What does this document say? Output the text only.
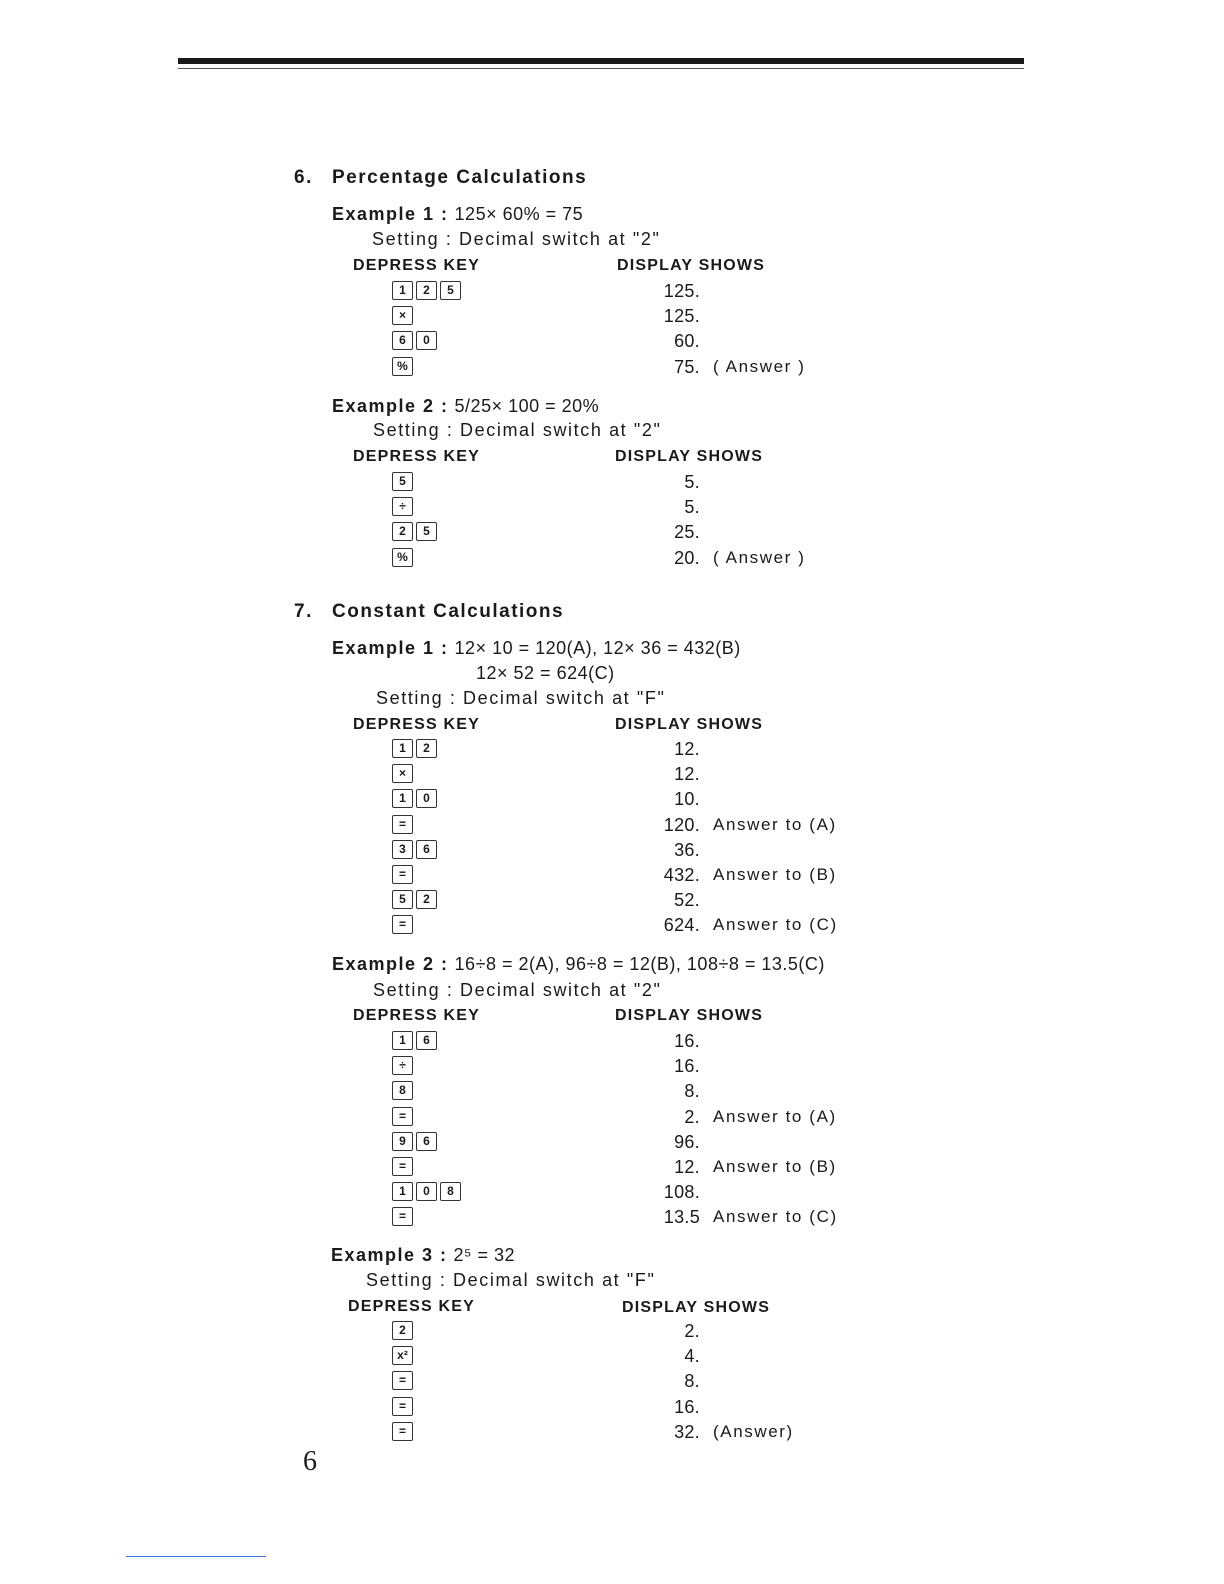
6. Percentage Calculations
Example 1 : 125× 60% = 75
Setting : Decimal switch at "2"
DEPRESS KEY	DISPLAY SHOWS
1 2 5	125.
×	125.
6 0	60.
%	75. ( Answer )
Example 2 : 5/25× 100 = 20%
Setting : Decimal switch at "2"
DEPRESS KEY	DISPLAY SHOWS
5	5.
÷	5.
2 5	25.
%	20. ( Answer )
7. Constant Calculations
Example 1 : 12× 10 = 120(A), 12× 36 = 432(B)
12× 52 = 624(C)
Setting : Decimal switch at "F"
DEPRESS KEY	DISPLAY SHOWS
1 2	12.
×	12.
1 0	10.
=	120. Answer to (A)
3 6	36.
=	432. Answer to (B)
5 2	52.
=	624. Answer to (C)
Example 2 : 16÷8 = 2(A), 96÷8 = 12(B), 108÷8 = 13.5(C)
Setting : Decimal switch at "2"
DEPRESS KEY	DISPLAY SHOWS
1 6	16.
÷	16.
8	8.
=	2. Answer to (A)
9 6	96.
=	12. Answer to (B)
1 0 8	108.
=	13.5 Answer to (C)
Example 3 : 2⁵ = 32
Setting : Decimal switch at "F"
DEPRESS KEY	DISPLAY SHOWS
2	2.
x²	4.
=	8.
=	16.
=	32. (Answer)
6
